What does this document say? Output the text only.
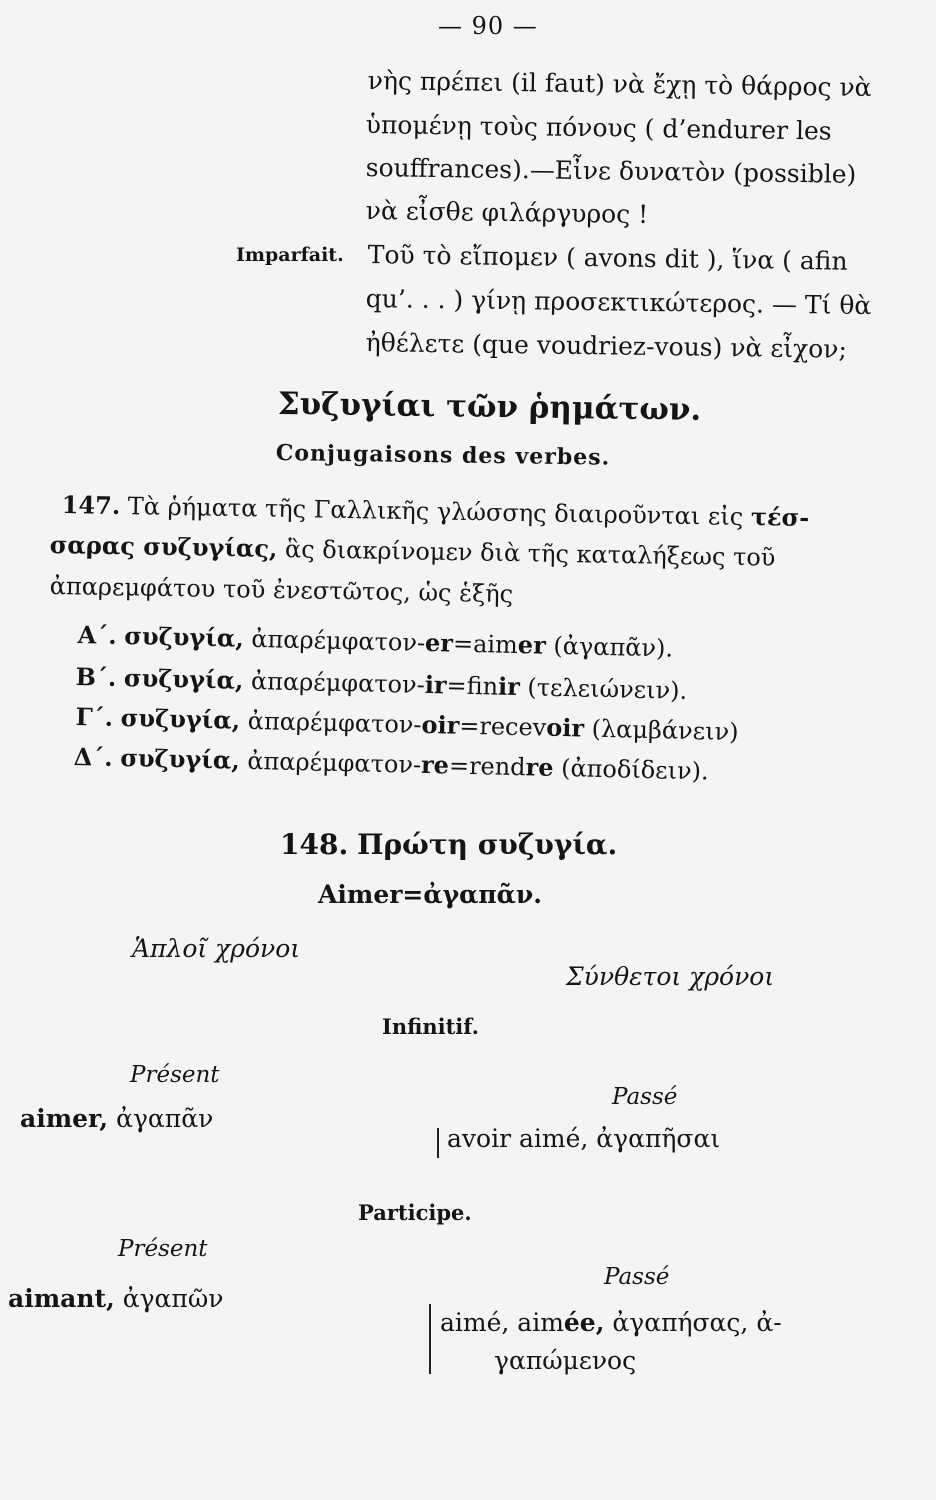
— 90 —
νὴς πρέπει (il faut) νὰ ἔχῃ τὸ θάρρος νὰ
ὑπομένῃ τοὺς πόνους ( d’endurer les
souffrances).—Εἶνε δυνατὸν (possible)
νὰ εἶσθε φιλάργυρος !
Imparfait. Τοῦ τὸ εἴπομεν ( avons dit ), ἵνα ( afin
qu’. . . ) γίνῃ προσεκτικώτερος. — Τί θὰ
ἠθέλετε (que voudriez-vous) νὰ εἶχον;
Συζυγίαι τῶν ῥημάτων.
Conjugaisons des verbes.
147. Τὰ ῥήματα τῆς Γαλλικῆς γλώσσης διαιροῦνται εἰς τέσ-
σαρας συζυγίας, ἃς διακρίνομεν διὰ τῆς καταλήξεως τοῦ
ἀπαρεμφάτου τοῦ ἐνεστῶτος, ὡς ἑξῆς
Α΄. συζυγία, ἀπαρέμφατον-er=aimer (ἀγαπᾶν).
Β΄. συζυγία, ἀπαρέμφατον-ir=finir (τελειώνειν).
Γ΄. συζυγία, ἀπαρέμφατον-oir=recevoir (λαμβάνειν)
Δ΄. συζυγία, ἀπαρέμφατον-re=rendre (ἀποδίδειν).
148. Πρώτη συζυγία.
Aimer=ἀγαπᾶν.
Ἁπλοῖ χρόνοι
Σύνθετοι χρόνοι
Infinitif.
Présent
aimer, ἀγαπᾶν
Passé
avoir aimé, ἀγαπῆσαι
Participe.
Présent
aimant, ἀγαπῶν
Passé
aimé, aimée, ἀγαπήσας, ἀ-
γαπώμενος
